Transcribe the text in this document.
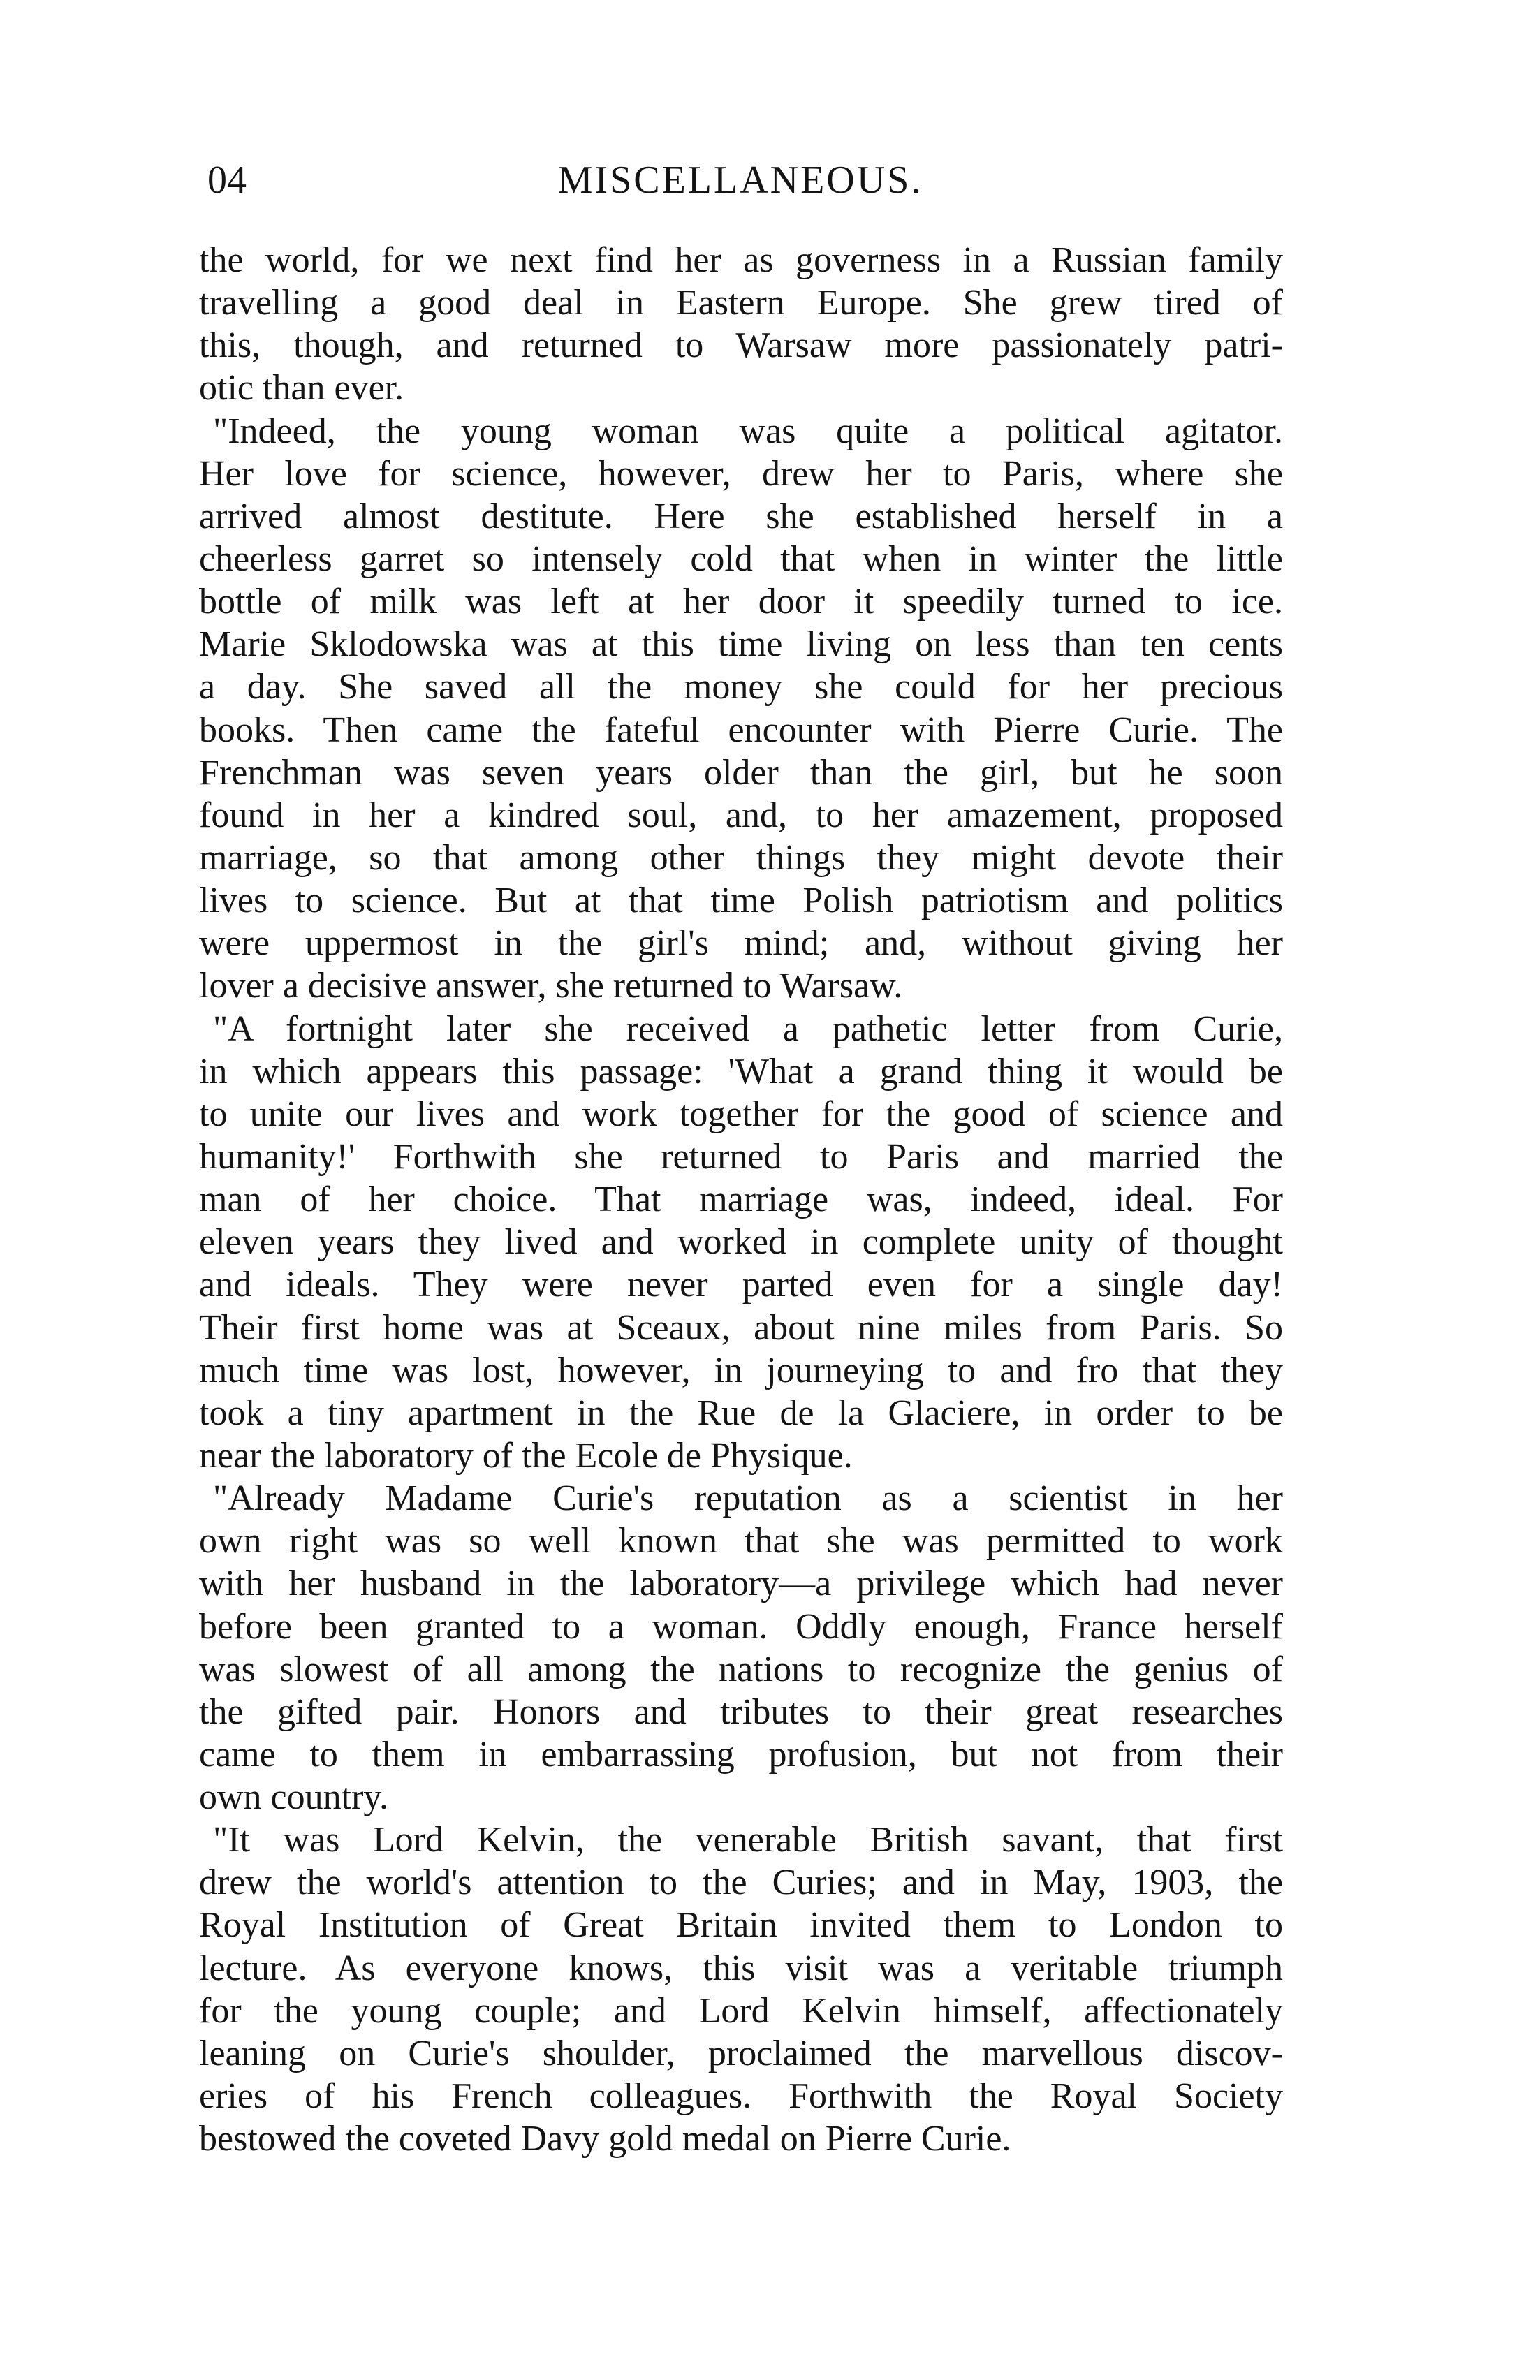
04	MISCELLANEOUS.
the world, for we next find her as governess in a Russian family
travelling a good deal in Eastern Europe. She grew tired of
this, though, and returned to Warsaw more passionately patri-
otic than ever.
"Indeed, the young woman was quite a political agitator.
Her love for science, however, drew her to Paris, where she
arrived almost destitute. Here she established herself in a
cheerless garret so intensely cold that when in winter the little
bottle of milk was left at her door it speedily turned to ice.
Marie Sklodowska was at this time living on less than ten cents
a day. She saved all the money she could for her precious
books. Then came the fateful encounter with Pierre Curie. The
Frenchman was seven years older than the girl, but he soon
found in her a kindred soul, and, to her amazement, proposed
marriage, so that among other things they might devote their
lives to science. But at that time Polish patriotism and politics
were uppermost in the girl's mind; and, without giving her
lover a decisive answer, she returned to Warsaw.
"A fortnight later she received a pathetic letter from Curie,
in which appears this passage: 'What a grand thing it would be
to unite our lives and work together for the good of science and
humanity!' Forthwith she returned to Paris and married the
man of her choice. That marriage was, indeed, ideal. For
eleven years they lived and worked in complete unity of thought
and ideals. They were never parted even for a single day!
Their first home was at Sceaux, about nine miles from Paris. So
much time was lost, however, in journeying to and fro that they
took a tiny apartment in the Rue de la Glaciere, in order to be
near the laboratory of the Ecole de Physique.
"Already Madame Curie's reputation as a scientist in her
own right was so well known that she was permitted to work
with her husband in the laboratory—a privilege which had never
before been granted to a woman. Oddly enough, France herself
was slowest of all among the nations to recognize the genius of
the gifted pair. Honors and tributes to their great researches
came to them in embarrassing profusion, but not from their
own country.
"It was Lord Kelvin, the venerable British savant, that first
drew the world's attention to the Curies; and in May, 1903, the
Royal Institution of Great Britain invited them to London to
lecture. As everyone knows, this visit was a veritable triumph
for the young couple; and Lord Kelvin himself, affectionately
leaning on Curie's shoulder, proclaimed the marvellous discov-
eries of his French colleagues. Forthwith the Royal Society
bestowed the coveted Davy gold medal on Pierre Curie.
